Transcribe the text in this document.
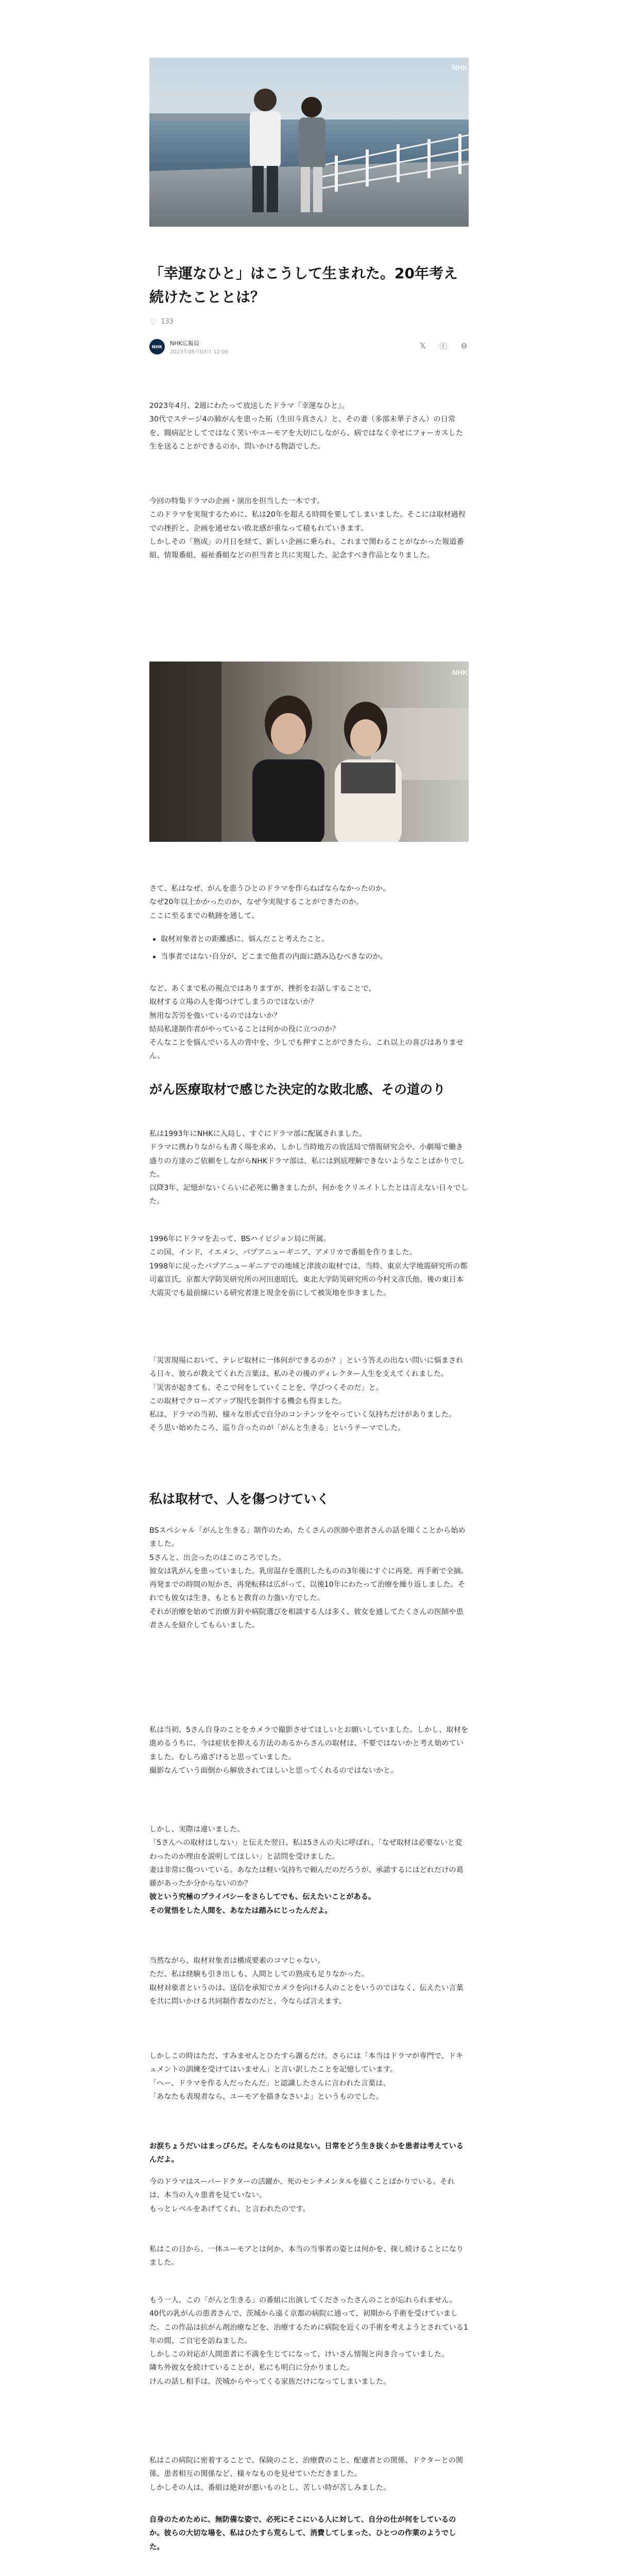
NHK
「幸運なひと」はこうして生まれた。20年考え続けたこととは？
♡ 133
NHK	NHK広報局
2023年05月03日 12:00
𝕏 ⓕ ⊖
2023年4月、2週にわたって放送したドラマ『幸運なひと』。
30代でステージ4の肺がんを患った拓（生田斗真さん）と、その妻（多部未華子さん）の日常を、闘病記としてではなく笑いやユーモアを大切にしながら、病ではなく幸せにフォーカスした生を送ることができるのか、問いかける物語でした。
今回の特集ドラマの企画・演出を担当した一木です。
このドラマを実現するために、私は20年を超える時間を要してしまいました。そこには取材過程での挫折と、企画を通せない敗北感が重なって積もれていきます。
しかしその「熟成」の月日を経て、新しい企画に乗られ、これまで関わることがなかった報道番組、情報番組、福祉番組などの担当者と共に実現した、記念すべき作品となりました。
NHK
さて、私はなぜ、がんを患うひとのドラマを作らねばならなかったのか。
なぜ20年以上かかったのか、なぜ今実現することができたのか。
ここに至るまでの軌跡を通して、
取材対象者との距離感に、悩んだこと考えたこと。
当事者ではない自分が、どこまで他者の内面に踏み込むべきなのか。
など、あくまで私の視点ではありますが、挫折をお話しすることで、
取材する立場の人を傷つけてしまうのではないか？
無用な苦労を強いているのではないか？
結局私達制作者がやっていることは何かの役に立つのか？
そんなことを悩んでいる人の背中を、少しでも押すことができたら、これ以上の喜びはありません。
がん医療取材で感じた決定的な敗北感、その道のり
私は1993年にNHKに入局し、すぐにドラマ部に配属されました。
ドラマに携わりながらも書く場を求め、しかし当時地方の放送局で情報研究会や、小劇場で働き盛りの方達のご依頼をしながらNHKドラマ部は、私には到底理解できないようなことばかりでした。
以降3年、記憶がないくらいに必死に働きましたが、何かをクリエイトしたとは言えない日々でした。
1996年にドラマを去って、BSハイビジョン局に所属。
この国、インド、イエメン、パプアニューギニア、アメリカで番組を作りました。
1998年に戻ったパプアニューギニアでの地域と津波の取材では、当時、東京大学地震研究所の都司嘉宣氏、京都大学防災研究所の河田恵昭氏、東北大学防災研究所の今村文彦氏他、後の東日本大震災でも最前線にいる研究者達と現金を前にして被災地を歩きました。
「災害現場において、テレビ取材に一体何ができるのか？」という答えの出ない問いに悩まされる日々、彼らが教えてくれた言葉は、私のその後のディレクター人生を支えてくれました。
「災害が起きても、そこで何をしていくことを、学びつくそのだ」と。
この取材でクローズアップ現代を制作する機会も得ました。
私は、ドラマの当初、様々な形式で自分のコンテンツをやっていく気持ちだけがありました。
そう思い始めたころ、巡り合ったのが「がんと生きる」というテーマでした。
私は取材で、人を傷つけていく
BSスペシャル「がんと生きる」制作のため、たくさんの医師や患者さんの話を聞くことから始めました。
5さんと、出会ったのはこのころでした。
彼女は乳がんを患っていました。乳房温存を選択したものの3年後にすぐに再発、再手術で全摘。
再発までの時間の短かさ、再発転移は広がって、以後10年にわたって治療を繰り返しました。それでも彼女は生き、もともと教育の力強い方でした。
それが治療を始めて治療方針や病院選びを相談する人は多く、彼女を通してたくさんの医師や患者さんを紹介してもらいました。
私は当初、5さん自身のことをカメラで撮影させてほしいとお願いしていました。しかし、取材を進めるうちに、今は症状を抑える方法のあるからさんの取材は、不要ではないかと考え始めていました。むしろ遠ざけると思っていました。
撮影なんていう面倒から解放されてほしいと思ってくれるのではないかと。
しかし、実際は違いました。
「5さんへの取材はしない」と伝えた翌日、私は5さんの夫に呼ばれ、「なぜ取材は必要ないと変わったのか理由を説明してほしい」と詰問を受けました。
妻は非常に傷ついている。あなたは軽い気持ちで頼んだのだろうが、承諾するにはどれだけの葛藤があったか分からないのか？
彼という究極のプライバシーをさらしてでも、伝えたいことがある。
その覚悟をした人間を、あなたは踏みにじったんだよ。
当然ながら、取材対象者は構成要素のコマじゃない。
ただ、私は経験も引き出しも、人間としての熟成も足りなかった。
取材対象者というのは、送信を承知でカメラを向ける人のことをいうのではなく、伝えたい言葉を共に問いかける共同制作者なのだと、今ならば言えます。
しかしこの時はただ、すみませんとひたすら謝るだけ。さらには「本当はドラマが専門で、ドキュメントの訓練を受けてはいません」と言い訳したことを記憶しています。
「ヘー、ドラマを作る人だったんだ」と認識したさんに言われた言葉は、
「あなたも表現者なら、ユーモアを描きなさいよ」というものでした。
お涙ちょうだいはまっぴらだ。そんなものは見ない。日常をどう生き抜くかを患者は考えているんだよ。
今のドラマはスーパードクターの活躍か、死のセンチメンタルを描くことばかりでいる。それは、本当の人々患者を見ていない。
もっとレベルをあげてくれ、と言われたのです。
私はこの日から、一体ユーモアとは何か、本当の当事者の姿とは何かを、探し続けることになりました。
もう一人、この「がんと生きる」の番組に出演してくださったさんのことが忘れられません。
40代の乳がんの患者さんで、茨城から遠く京都の病院に通って、初期から手術を受けていました。この作品は抗がん剤治療などを、治療するために病院を近くの手術を考えようとされている1年の間、ご自宅を訪ねました。
しかしこの対応が人間患者に不満を生じてになって、けいさん情報と向き合っていました。
隣ち外彼女を続けていることが、私にも明白に分かりました。
けんの話し相手は、茨城からやってくる家族だけになってしまいました。
私はこの病院に密着することで、保険のこと、治療費のこと、配慮者との関係、ドクターとの関係、患者相互の関係など、様々なものを見せていただきました。
しかしその人は、番組は絶対が悪いものとし、苦しい時が苦しみました。
自身のためために、無防備な姿で、必死にそこにいる人に対して、自分の仕が何をしているのか。彼らの大切な場を、私はひたすら荒らして、消費してしまった、ひとつの作業のようでした。
